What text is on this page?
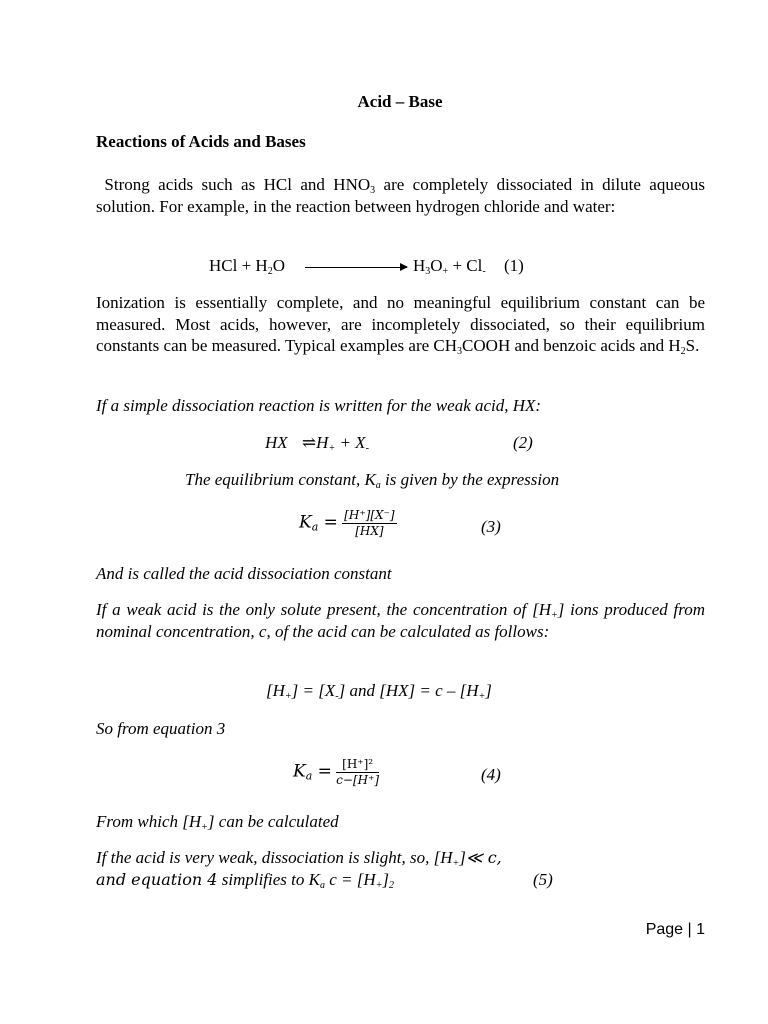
Acid – Base
Reactions of Acids and Bases
Strong acids such as HCl and $HNO_3$ are completely dissociated in dilute aqueous solution. For example, in the reaction between hydrogen chloride and water:
HCl + $H_2O$	$H_3O_+ + Cl_-$ (1)
Ionization is essentially complete, and no meaningful equilibrium constant can be measured. Most acids, however, are incompletely dissociated, so their equilibrium constants can be measured. Typical examples are $CH_3COOH$ and benzoic acids and $H_2S$.
If a simple dissociation reaction is written for the weak acid, HX:
HX $\rightleftharpoons H_+ + X_-$	(2)
The equilibrium constant, $K_a$ is given by the expression
$K_a = \frac{[H^+][X^-]}{[HX]}$	(3)
And is called the acid dissociation constant
If a weak acid is the only solute present, the concentration of $[H_+]$ ions produced from nominal concentration, c, of the acid can be calculated as follows:
$[H_+] = [X_-]$ and $[HX] = c - [H_+]$
So from equation 3
$K_a = \frac{\text{[H⁺]²}}{c-[H^+]}$	(4)
From which $[H_+]$ can be calculated
If the acid is very weak, dissociation is slight, so, $[H_+]≪$ c,
and equation 4 simplifies to $K_a$ $c = [H_+]_2$	(5)
Page | 1
